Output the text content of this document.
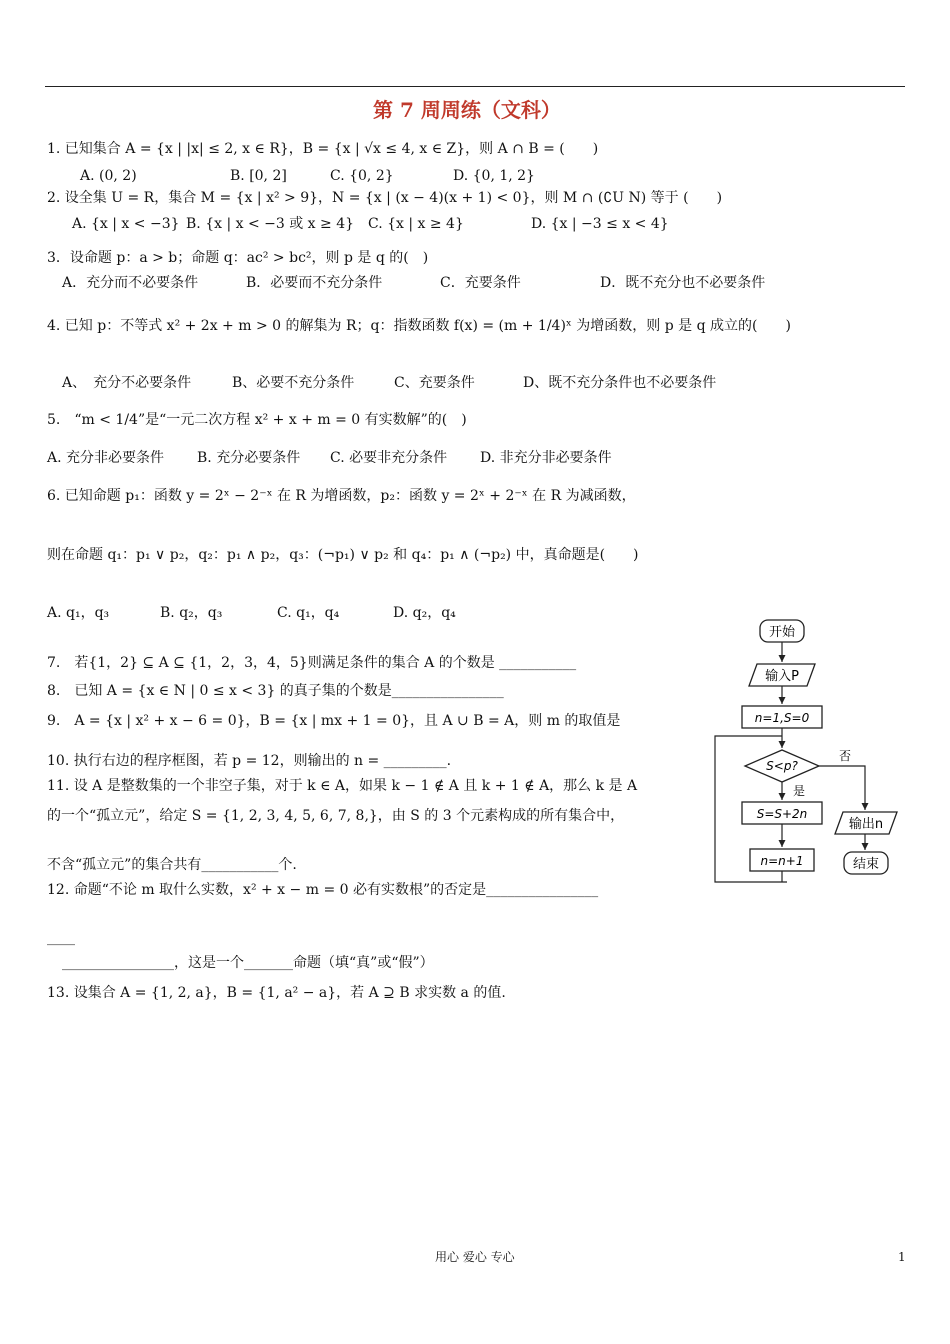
第 7 周周练（文科）
1. 已知集合 A = {x | |x| ≤ 2, x ∈ R}，B = {x | √x ≤ 4, x ∈ Z}，则 A ∩ B = (　　)
A. (0, 2)	B. [0, 2]	C. {0, 2}	D. {0, 1, 2}
2. 设全集 U = R，集合 M = {x | x² > 9}，N = {x | (x − 4)(x + 1) < 0}，则 M ∩ (∁U N) 等于 (　　)
A. {x | x < −3} B. {x | x < −3 或 x ≥ 4} C. {x | x ≥ 4}	D. {x | −3 ≤ x < 4}
3．设命题 p：a > b；命题 q：ac² > bc²，则 p 是 q 的(　)
A．充分而不必要条件	B．必要而不充分条件	C．充要条件	D．既不充分也不必要条件
4. 已知 p：不等式 x² + 2x + m > 0 的解集为 R；q：指数函数 f(x) = (m + 1/4)ˣ 为增函数，则 p 是 q 成立的(　　)
A、　充分不必要条件	B、必要不充分条件	C、充要条件	D、既不充分条件也不必要条件
5.　“m < 1/4”是“一元二次方程 x² + x + m = 0 有实数解”的(　)
A. 充分非必要条件 B. 充分必要条件 C. 必要非充分条件 D. 非充分非必要条件
6. 已知命题 p₁：函数 y = 2ˣ − 2⁻ˣ 在 R 为增函数，p₂：函数 y = 2ˣ + 2⁻ˣ 在 R 为减函数，
则在命题 q₁：p₁ ∨ p₂，q₂：p₁ ∧ p₂，q₃：(¬p₁) ∨ p₂ 和 q₄：p₁ ∧ (¬p₂) 中，真命题是(　　)
A. q₁，q₃	B. q₂，q₃	C. q₁，q₄	D. q₂，q₄
7.　若{1，2} ⊆ A ⊆ {1，2，3，4，5}则满足条件的集合 A 的个数是 ___________
8.　已知 A = {x ∈ N | 0 ≤ x < 3} 的真子集的个数是________________
9.　A = {x | x² + x − 6 = 0}，B = {x | mx + 1 = 0}，且 A ∪ B = A，则 m 的取值是
10. 执行右边的程序框图，若 p = 12，则输出的 n = _________.
11. 设 A 是整数集的一个非空子集，对于 k ∈ A，如果 k − 1 ∉ A 且 k + 1 ∉ A，那么 k 是 A
的一个“孤立元”，给定 S = {1, 2, 3, 4, 5, 6, 7, 8,}，由 S 的 3 个元素构成的所有集合中，
不含“孤立元”的集合共有___________个.
12. 命题“不论 m 取什么实数，x² + x − m = 0 必有实数根”的否定是________________
____
________________，这是一个_______命题（填“真”或“假”）
13. 设集合 A = {1, 2, a}，B = {1, a² − a}，若 A ⊇ B 求实数 a 的值.
开始
输入P
n=1,S=0
S<p?
否
是
S=S+2n
n=n+1
输出n
结束
用心 爱心 专心	1
